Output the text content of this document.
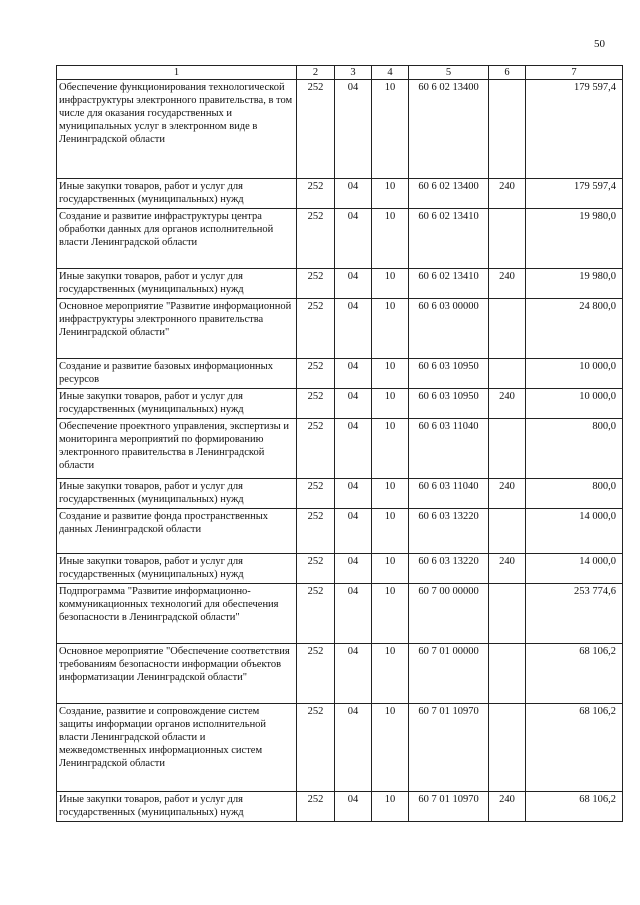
50
1	2	3	4	5	6	7
Обеспечение функционирования технологической инфраструктуры электронного правительства, в том числе для оказания государственных и муниципальных услуг в электронном виде в Ленинградской области	252	04	10	60 6 02 13400		179 597,4
Иные закупки товаров, работ и услуг для государственных (муниципальных) нужд	252	04	10	60 6 02 13400	240	179 597,4
Создание и развитие инфраструктуры центра обработки данных для органов исполнительной власти Ленинградской области	252	04	10	60 6 02 13410		19 980,0
Иные закупки товаров, работ и услуг для государственных (муниципальных) нужд	252	04	10	60 6 02 13410	240	19 980,0
Основное мероприятие "Развитие информационной инфраструктуры электронного правительства Ленинградской области"	252	04	10	60 6 03 00000		24 800,0
Создание и развитие базовых информационных ресурсов	252	04	10	60 6 03 10950		10 000,0
Иные закупки товаров, работ и услуг для государственных (муниципальных) нужд	252	04	10	60 6 03 10950	240	10 000,0
Обеспечение проектного управления, экспертизы и мониторинга мероприятий по формированию электронного правительства в Ленинградской области	252	04	10	60 6 03 11040		800,0
Иные закупки товаров, работ и услуг для государственных (муниципальных) нужд	252	04	10	60 6 03 11040	240	800,0
Создание и развитие фонда пространственных данных Ленинградской области	252	04	10	60 6 03 13220		14 000,0
Иные закупки товаров, работ и услуг для государственных (муниципальных) нужд	252	04	10	60 6 03 13220	240	14 000,0
Подпрограмма "Развитие информационно-коммуникационных технологий для обеспечения безопасности в Ленинградской области"	252	04	10	60 7 00 00000		253 774,6
Основное мероприятие "Обеспечение соответствия требованиям безопасности информации объектов информатизации Ленинградской области"	252	04	10	60 7 01 00000		68 106,2
Создание, развитие и сопровождение систем защиты информации органов исполнительной власти Ленинградской области и межведомственных информационных систем Ленинградской области	252	04	10	60 7 01 10970		68 106,2
Иные закупки товаров, работ и услуг для государственных (муниципальных) нужд	252	04	10	60 7 01 10970	240	68 106,2
